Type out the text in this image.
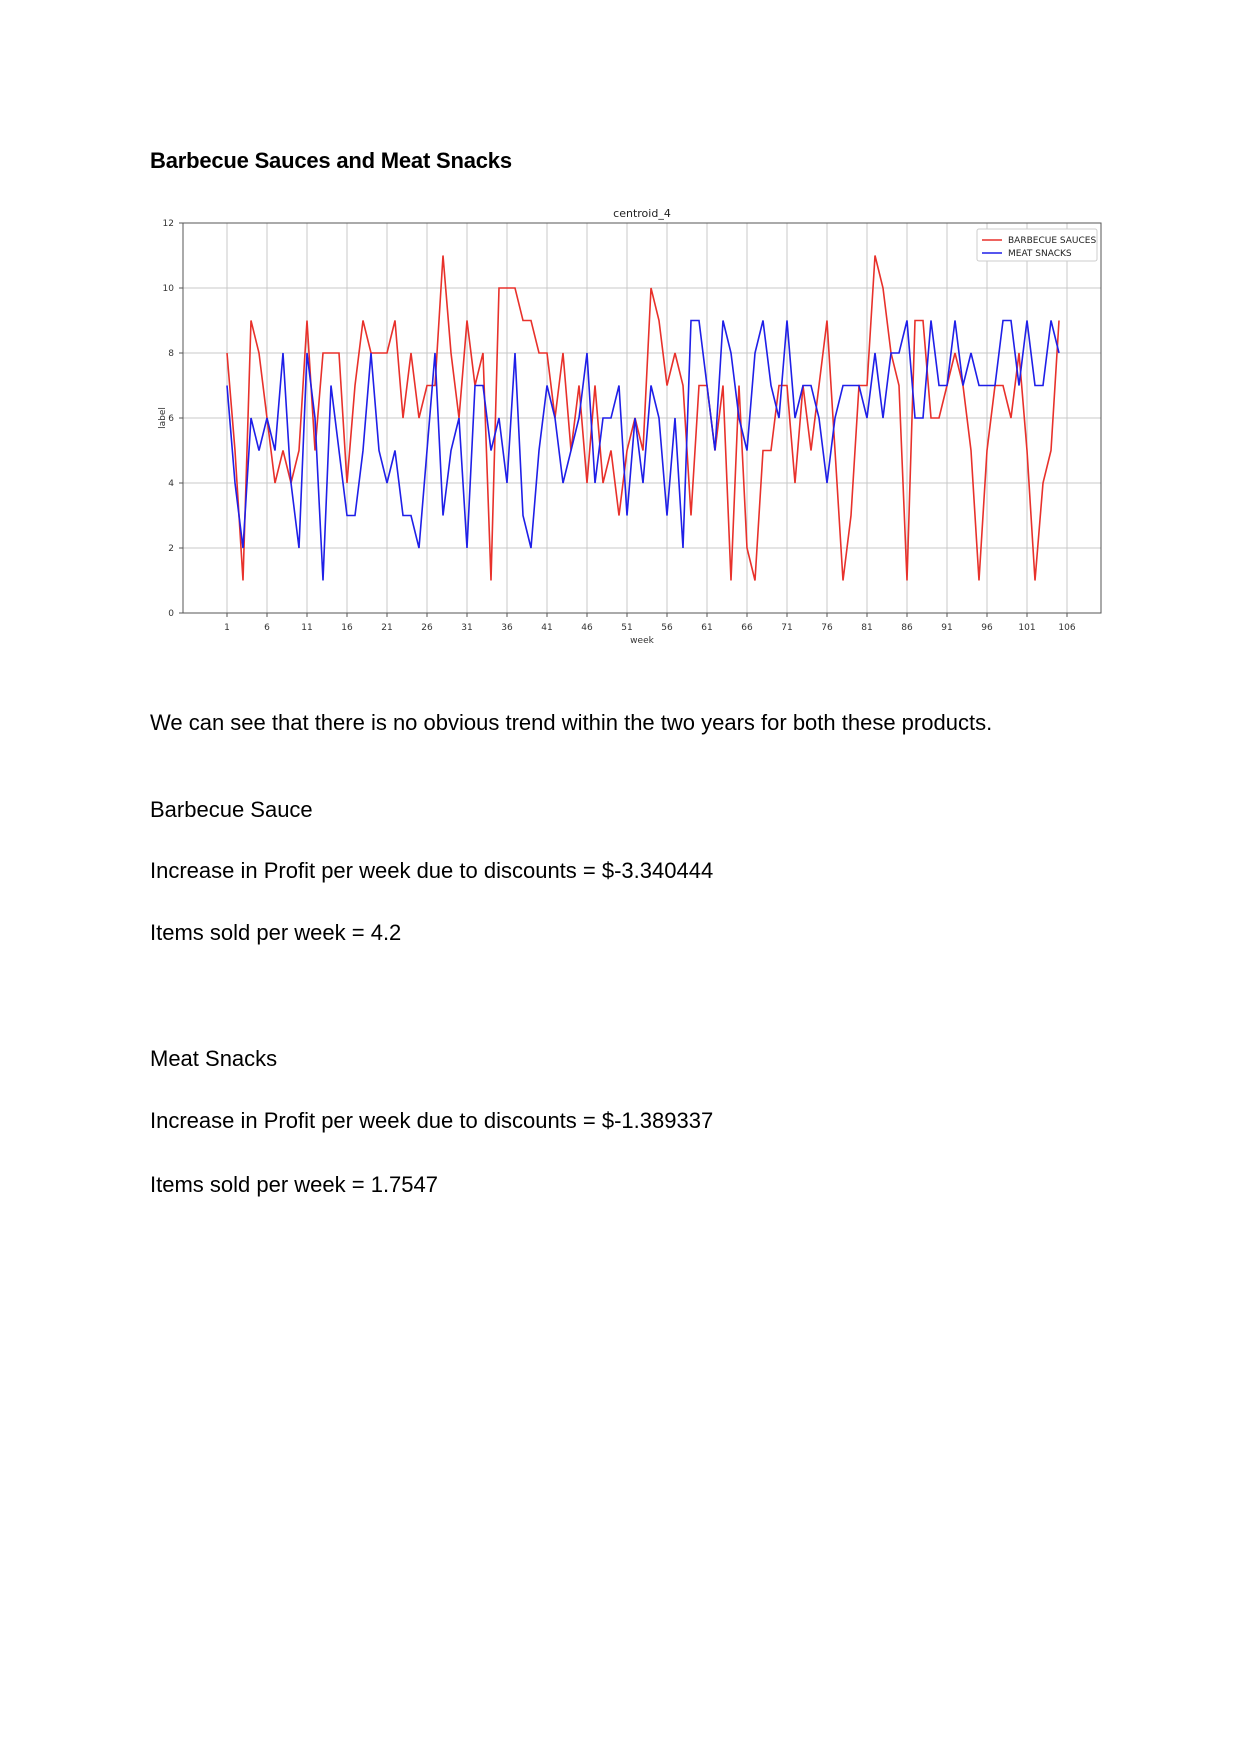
Barbecue Sauces and Meat Snacks
1	6	11	16	21	26	31	36	41	46	51	56	61	66	71	76	81	86	91	96	101	106
0
2
4
6
8
10
12
centroid_4
week
label
BARBECUE SAUCES
MEAT SNACKS
We can see that there is no obvious trend within the two years for both these products.
Barbecue Sauce
Increase in Profit per week due to discounts = $-3.340444
Items sold per week = 4.2
Meat Snacks
Increase in Profit per week due to discounts = $-1.389337
Items sold per week = 1.7547
